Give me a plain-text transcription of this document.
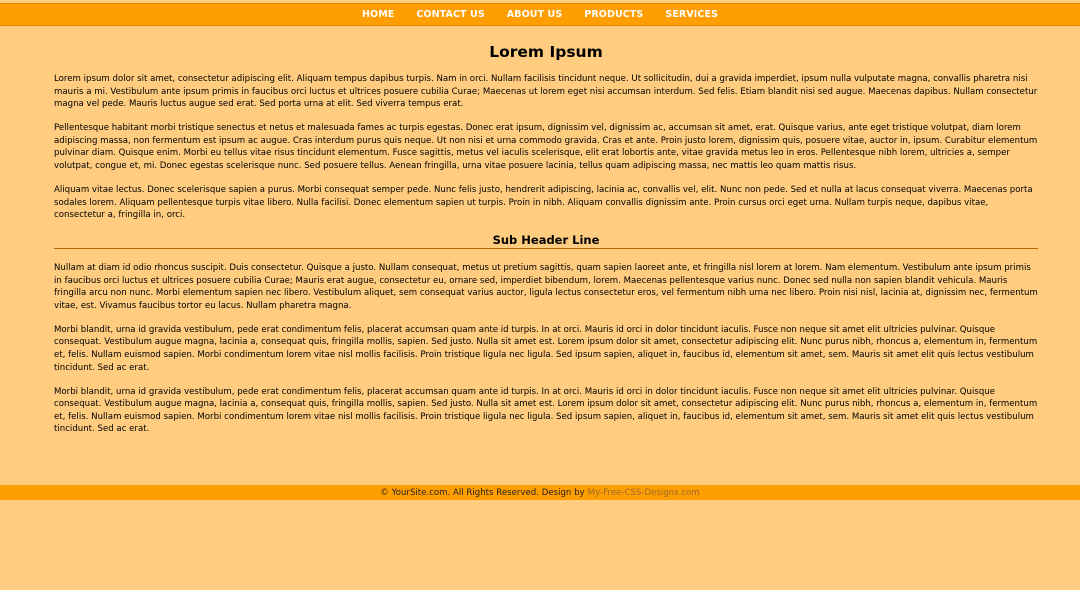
HOME	CONTACT US	ABOUT US	PRODUCTS	SERVICES
Lorem Ipsum

Lorem ipsum dolor sit amet, consectetur adipiscing elit. Aliquam tempus dapibus turpis. Nam in orci. Nullam facilisis tincidunt neque. Ut sollicitudin, dui a gravida imperdiet, ipsum nulla vulputate magna, convallis pharetra nisi mauris a mi. Vestibulum ante ipsum primis in faucibus orci luctus et ultrices posuere cubilia Curae; Maecenas ut lorem eget nisi accumsan interdum. Sed felis. Etiam blandit nisi sed augue. Maecenas dapibus. Nullam consectetur magna vel pede. Mauris luctus augue sed erat. Sed porta urna at elit. Sed viverra tempus erat.

Pellentesque habitant morbi tristique senectus et netus et malesuada fames ac turpis egestas. Donec erat ipsum, dignissim vel, dignissim ac, accumsan sit amet, erat. Quisque varius, ante eget tristique volutpat, diam lorem adipiscing massa, non fermentum est ipsum ac augue. Cras interdum purus quis neque. Ut non nisi et urna commodo gravida. Cras et ante. Proin justo lorem, dignissim quis, posuere vitae, auctor in, ipsum. Curabitur elementum pulvinar diam. Quisque enim. Morbi eu tellus vitae risus tincidunt elementum. Fusce sagittis, metus vel iaculis scelerisque, elit erat lobortis ante, vitae gravida metus leo in eros. Pellentesque nibh lorem, ultricies a, semper volutpat, congue et, mi. Donec egestas scelerisque nunc. Sed posuere tellus. Aenean fringilla, urna vitae posuere lacinia, tellus quam adipiscing massa, nec mattis leo quam mattis risus.

Aliquam vitae lectus. Donec scelerisque sapien a purus. Morbi consequat semper pede. Nunc felis justo, hendrerit adipiscing, lacinia ac, convallis vel, elit. Nunc non pede. Sed et nulla at lacus consequat viverra. Maecenas porta sodales lorem. Aliquam pellentesque turpis vitae libero. Nulla facilisi. Donec elementum sapien ut turpis. Proin in nibh. Aliquam convallis dignissim ante. Proin cursus orci eget urna. Nullam turpis neque, dapibus vitae, consectetur a, fringilla in, orci.

Sub Header Line

Nullam at diam id odio rhoncus suscipit. Duis consectetur. Quisque a justo. Nullam consequat, metus ut pretium sagittis, quam sapien laoreet ante, et fringilla nisl lorem at lorem. Nam elementum. Vestibulum ante ipsum primis in faucibus orci luctus et ultrices posuere cubilia Curae; Mauris erat augue, consectetur eu, ornare sed, imperdiet bibendum, lorem. Maecenas pellentesque varius nunc. Donec sed nulla non sapien blandit vehicula. Mauris fringilla arcu non nunc. Morbi elementum sapien nec libero. Vestibulum aliquet, sem consequat varius auctor, ligula lectus consectetur eros, vel fermentum nibh urna nec libero. Proin nisi nisl, lacinia at, dignissim nec, fermentum vitae, est. Vivamus faucibus tortor eu lacus. Nullam pharetra magna.

Morbi blandit, urna id gravida vestibulum, pede erat condimentum felis, placerat accumsan quam ante id turpis. In at orci. Mauris id orci in dolor tincidunt iaculis. Fusce non neque sit amet elit ultricies pulvinar. Quisque consequat. Vestibulum augue magna, lacinia a, consequat quis, fringilla mollis, sapien. Sed justo. Nulla sit amet est. Lorem ipsum dolor sit amet, consectetur adipiscing elit. Nunc purus nibh, rhoncus a, elementum in, fermentum et, felis. Nullam euismod sapien. Morbi condimentum lorem vitae nisl mollis facilisis. Proin tristique ligula nec ligula. Sed ipsum sapien, aliquet in, faucibus id, elementum sit amet, sem. Mauris sit amet elit quis lectus vestibulum tincidunt. Sed ac erat.

Morbi blandit, urna id gravida vestibulum, pede erat condimentum felis, placerat accumsan quam ante id turpis. In at orci. Mauris id orci in dolor tincidunt iaculis. Fusce non neque sit amet elit ultricies pulvinar. Quisque consequat. Vestibulum augue magna, lacinia a, consequat quis, fringilla mollis, sapien. Sed justo. Nulla sit amet est. Lorem ipsum dolor sit amet, consectetur adipiscing elit. Nunc purus nibh, rhoncus a, elementum in, fermentum et, felis. Nullam euismod sapien. Morbi condimentum lorem vitae nisl mollis facilisis. Proin tristique ligula nec ligula. Sed ipsum sapien, aliquet in, faucibus id, elementum sit amet, sem. Mauris sit amet elit quis lectus vestibulum tincidunt. Sed ac erat.

© YourSite.com. All Rights Reserved. Design by My-Free-CSS-Designs.com
